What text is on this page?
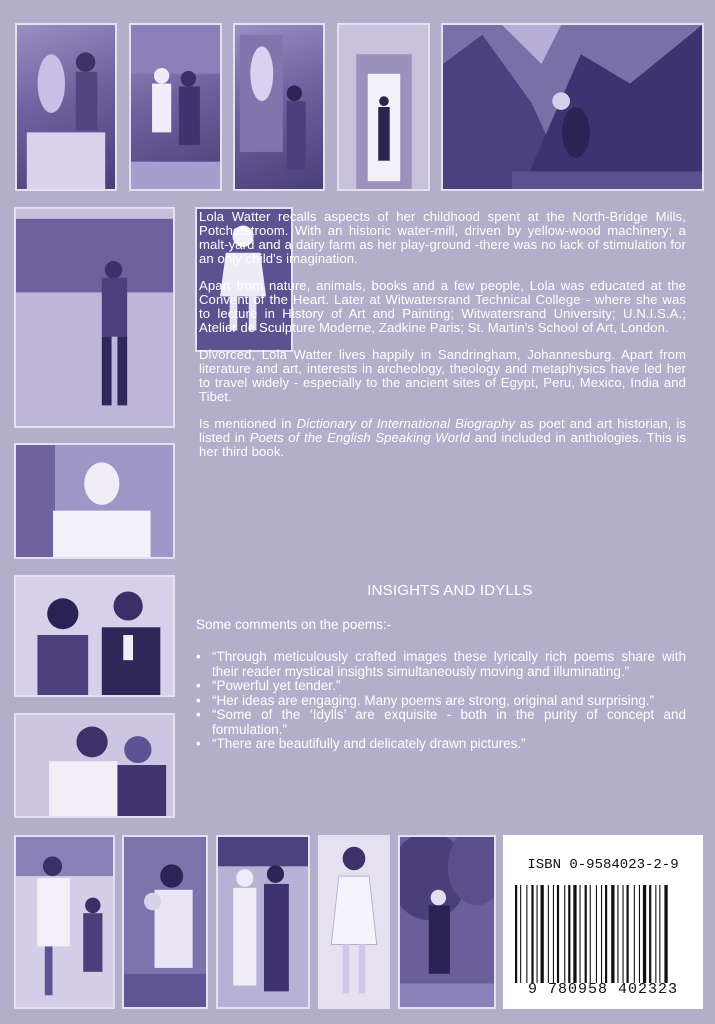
Lola Watter recalls aspects of her childhood spent at the North-Bridge Mills, Potchefstroom. With an historic water-mill, driven by yellow-wood machinery; a malt-yard and a dairy farm as her play-ground -there was no lack of stimulation for an only child's imagination.

Apart from nature, animals, books and a few people, Lola was educated at the Convent of the Heart. Later at Witwatersrand Technical College - where she was to lecture in History of Art and Painting; Witwatersrand University; U.N.I.S.A.; Atelier de Sculpture Moderne, Zadkine Paris; St. Martin's School of Art, London.

Divorced, Lola Watter lives happily in Sandringham, Johannesburg. Apart from literature and art, interests in archeology, theology and metaphysics have led her to travel widely - especially to the ancient sites of Egypt, Peru, Mexico, India and Tibet.

Is mentioned in Dictionary of International Biography as poet and art historian, is listed in Poets of the English Speaking World and included in anthologies. This is her third book.

INSIGHTS AND IDYLLS
Some comments on the poems:-
• “Through meticulously crafted images these lyrically rich poems share with their reader mystical insights simultaneously moving and illuminating.”
• “Powerful yet tender.”
• “Her ideas are engaging. Many poems are strong, original and surprising.”
• “Some of the ‘Idylls’ are exquisite - both in the purity of concept and formulation.”
• “There are beautifully and delicately drawn pictures.”
ISBN 0-9584023-2-9
9 780958 402323
